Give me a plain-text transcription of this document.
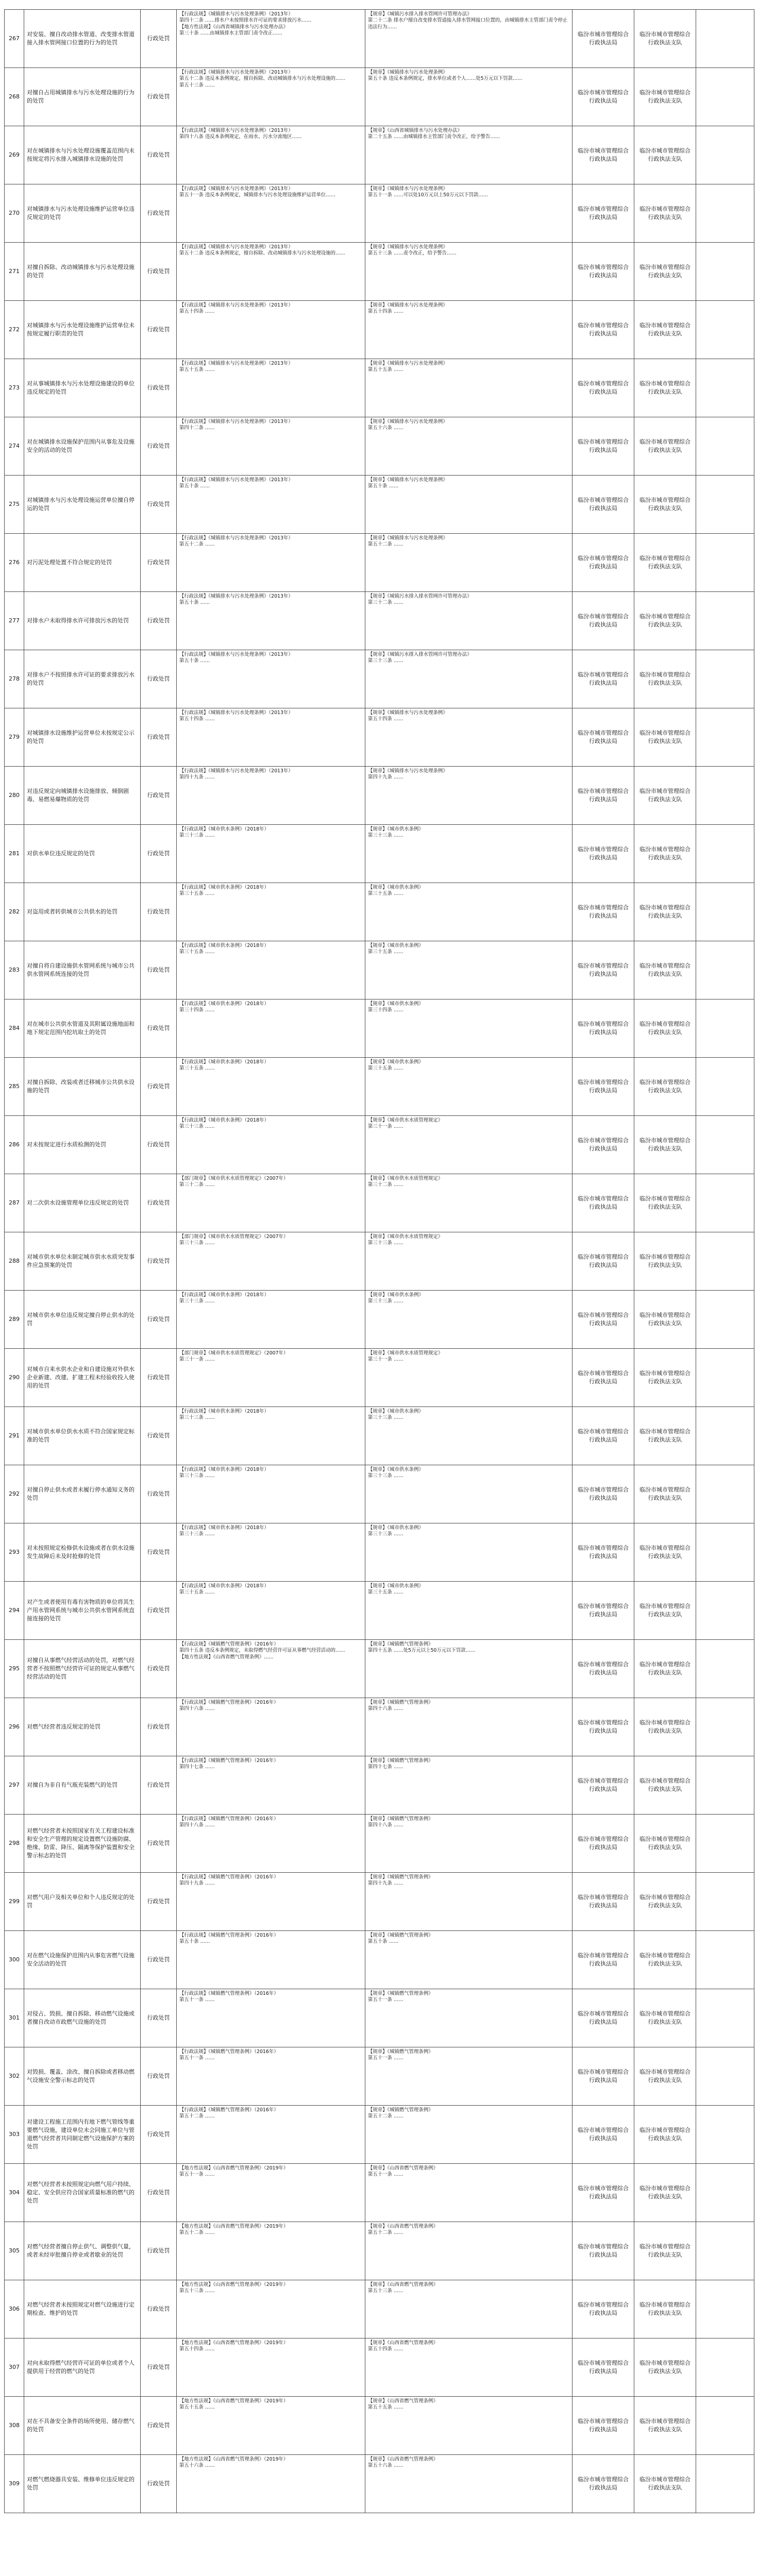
267	对安装、擅自改动排水管道、改变排水管道接入排水管网接口位置的行为的处罚	行政处罚	【行政法规】《城镇排水与污水处理条例》（2013年）
第四十二条 ……排水户未按照排水许可证的要求排放污水……
【地方性法规】《山西省城镇排水与污水处理办法》
第三十条 ……由城镇排水主管部门责令改正……	【规章】《城镇污水排入排水管网许可管理办法》
第二十二条 排水户擅自改变排水管道接入排水管网接口位置的，由城镇排水主管部门责令停止违法行为……	临汾市城市管理综合行政执法局	临汾市城市管理综合行政执法支队	
268	对擅自占用城镇排水与污水处理设施的行为的处罚	行政处罚	【行政法规】《城镇排水与污水处理条例》（2013年）
第五十二条 违反本条例规定，擅自拆除、改动城镇排水与污水处理设施的……
第五十三条 ……	【规章】《城镇排水与污水处理条例》
第五十条 违反本条例规定，排水单位或者个人……处5万元以下罚款……	临汾市城市管理综合行政执法局	临汾市城市管理综合行政执法支队	
269	对在城镇排水与污水处理设施覆盖范围内未按规定将污水排入城镇排水设施的处罚	行政处罚	【行政法规】《城镇排水与污水处理条例》（2013年）
第四十八条 违反本条例规定，在雨水、污水分流地区……	【规章】《山西省城镇排水与污水处理办法》
第二十五条 ……由城镇排水主管部门责令改正，给予警告……	临汾市城市管理综合行政执法局	临汾市城市管理综合行政执法支队	
270	对城镇排水与污水处理设施维护运营单位违反规定的处罚	行政处罚	【行政法规】《城镇排水与污水处理条例》（2013年）
第五十一条 违反本条例规定，城镇排水与污水处理设施维护运营单位……	【规章】《城镇排水与污水处理条例》
第五十一条 ……可以处10万元以上50万元以下罚款……	临汾市城市管理综合行政执法局	临汾市城市管理综合行政执法支队	
271	对擅自拆除、改动城镇排水与污水处理设施的处罚	行政处罚	【行政法规】《城镇排水与污水处理条例》（2013年）
第五十二条 违反本条例规定，擅自拆除、改动城镇排水与污水处理设施的……	【规章】《城镇排水与污水处理条例》
第五十三条 ……责令改正，给予警告……	临汾市城市管理综合行政执法局	临汾市城市管理综合行政执法支队	
272	对城镇排水与污水处理设施维护运营单位未按规定履行职责的处罚	行政处罚	【行政法规】《城镇排水与污水处理条例》（2013年）
第五十四条 ……	【规章】《城镇排水与污水处理条例》
第五十四条 ……	临汾市城市管理综合行政执法局	临汾市城市管理综合行政执法支队	
273	对从事城镇排水与污水处理设施建设的单位违反规定的处罚	行政处罚	【行政法规】《城镇排水与污水处理条例》（2013年）
第五十五条 ……	【规章】《城镇排水与污水处理条例》
第五十五条 ……	临汾市城市管理综合行政执法局	临汾市城市管理综合行政执法支队	
274	对在城镇排水设施保护范围内从事危及设施安全的活动的处罚	行政处罚	【行政法规】《城镇排水与污水处理条例》（2013年）
第四十二条 ……	【规章】《城镇排水与污水处理条例》
第五十六条 ……	临汾市城市管理综合行政执法局	临汾市城市管理综合行政执法支队	
275	对城镇排水与污水处理设施运营单位擅自停运的处罚	行政处罚	【行政法规】《城镇排水与污水处理条例》（2013年）
第五十条 ……	【规章】《城镇排水与污水处理条例》
第五十条 ……	临汾市城市管理综合行政执法局	临汾市城市管理综合行政执法支队	
276	对污泥处理处置不符合规定的处罚	行政处罚	【行政法规】《城镇排水与污水处理条例》（2013年）
第五十二条 ……	【规章】《城镇排水与污水处理条例》
第五十二条 ……	临汾市城市管理综合行政执法局	临汾市城市管理综合行政执法支队	
277	对排水户未取得排水许可排放污水的处罚	行政处罚	【行政法规】《城镇排水与污水处理条例》（2013年）
第五十条 ……	【规章】《城镇污水排入排水管网许可管理办法》
第三十二条 ……	临汾市城市管理综合行政执法局	临汾市城市管理综合行政执法支队	
278	对排水户不按照排水许可证的要求排放污水的处罚	行政处罚	【行政法规】《城镇排水与污水处理条例》（2013年）
第五十条 ……	【规章】《城镇污水排入排水管网许可管理办法》
第三十三条 ……	临汾市城市管理综合行政执法局	临汾市城市管理综合行政执法支队	
279	对城镇排水设施维护运营单位未按规定公示的处罚	行政处罚	【行政法规】《城镇排水与污水处理条例》（2013年）
第五十四条 ……	【规章】《城镇排水与污水处理条例》
第五十四条 ……	临汾市城市管理综合行政执法局	临汾市城市管理综合行政执法支队	
280	对违反规定向城镇排水设施排放、倾倒剧毒、易燃易爆物质的处罚	行政处罚	【行政法规】《城镇排水与污水处理条例》（2013年）
第四十九条 ……	【规章】《城镇排水与污水处理条例》
第四十九条 ……	临汾市城市管理综合行政执法局	临汾市城市管理综合行政执法支队	
281	对供水单位违反规定的处罚	行政处罚	【行政法规】《城市供水条例》（2018年）
第三十三条 ……	【规章】《城市供水条例》
第三十三条 ……	临汾市城市管理综合行政执法局	临汾市城市管理综合行政执法支队	
282	对盗用或者转供城市公共供水的处罚	行政处罚	【行政法规】《城市供水条例》（2018年）
第三十五条 ……	【规章】《城市供水条例》
第三十五条 ……	临汾市城市管理综合行政执法局	临汾市城市管理综合行政执法支队	
283	对擅自将自建设施供水管网系统与城市公共供水管网系统连接的处罚	行政处罚	【行政法规】《城市供水条例》（2018年）
第三十五条 ……	【规章】《城市供水条例》
第三十五条 ……	临汾市城市管理综合行政执法局	临汾市城市管理综合行政执法支队	
284	对在城市公共供水管道及其附属设施地面和地下规定范围内挖坑取土的处罚	行政处罚	【行政法规】《城市供水条例》（2018年）
第三十四条 ……	【规章】《城市供水条例》
第三十四条 ……	临汾市城市管理综合行政执法局	临汾市城市管理综合行政执法支队	
285	对擅自拆除、改装或者迁移城市公共供水设施的处罚	行政处罚	【行政法规】《城市供水条例》（2018年）
第三十五条 ……	【规章】《城市供水条例》
第三十五条 ……	临汾市城市管理综合行政执法局	临汾市城市管理综合行政执法支队	
286	对未按规定进行水质检测的处罚	行政处罚	【行政法规】《城市供水条例》（2018年）
第三十三条 ……	【规章】《城市供水水质管理规定》
第三十一条 ……	临汾市城市管理综合行政执法局	临汾市城市管理综合行政执法支队	
287	对二次供水设施管理单位违反规定的处罚	行政处罚	【部门规章】《城市供水水质管理规定》（2007年）
第三十二条 ……	【规章】《城市供水水质管理规定》
第三十二条 ……	临汾市城市管理综合行政执法局	临汾市城市管理综合行政执法支队	
288	对城市供水单位未制定城市供水水质突发事件应急预案的处罚	行政处罚	【部门规章】《城市供水水质管理规定》（2007年）
第三十三条 ……	【规章】《城市供水水质管理规定》
第三十三条 ……	临汾市城市管理综合行政执法局	临汾市城市管理综合行政执法支队	
289	对城市供水单位违反规定擅自停止供水的处罚	行政处罚	【行政法规】《城市供水条例》（2018年）
第三十三条 ……	【规章】《城市供水条例》
第三十三条 ……	临汾市城市管理综合行政执法局	临汾市城市管理综合行政执法支队	
290	对城市自来水供水企业和自建设施对外供水企业新建、改建、扩建工程未经验收投入使用的处罚	行政处罚	【部门规章】《城市供水水质管理规定》（2007年）
第三十一条 ……	【规章】《城市供水水质管理规定》
第三十一条 ……	临汾市城市管理综合行政执法局	临汾市城市管理综合行政执法支队	
291	对城市供水单位供水水质不符合国家规定标准的处罚	行政处罚	【行政法规】《城市供水条例》（2018年）
第三十三条 ……	【规章】《城市供水条例》
第三十三条 ……	临汾市城市管理综合行政执法局	临汾市城市管理综合行政执法支队	
292	对擅自停止供水或者未履行停水通知义务的处罚	行政处罚	【行政法规】《城市供水条例》（2018年）
第三十三条 ……	【规章】《城市供水条例》
第三十三条 ……	临汾市城市管理综合行政执法局	临汾市城市管理综合行政执法支队	
293	对未按照规定检修供水设施或者在供水设施发生故障后未及时抢修的处罚	行政处罚	【行政法规】《城市供水条例》（2018年）
第三十三条 ……	【规章】《城市供水条例》
第三十三条 ……	临汾市城市管理综合行政执法局	临汾市城市管理综合行政执法支队	
294	对产生或者使用有毒有害物质的单位将其生产用水管网系统与城市公共供水管网系统直接连接的处罚	行政处罚	【行政法规】《城市供水条例》（2018年）
第三十五条 ……	【规章】《城市供水条例》
第三十五条 ……	临汾市城市管理综合行政执法局	临汾市城市管理综合行政执法支队	
295	对擅自从事燃气经营活动的处罚，对燃气经营者不按照燃气经营许可证的规定从事燃气经营活动的处罚	行政处罚	【行政法规】《城镇燃气管理条例》（2016年）
第四十五条 违反本条例规定，未取得燃气经营许可证从事燃气经营活动的……
【地方性法规】《山西省燃气管理条例》……	【规章】《城镇燃气管理条例》
第四十五条 ……处5万元以上50万元以下罚款……	临汾市城市管理综合行政执法局	临汾市城市管理综合行政执法支队	
296	对燃气经营者违反规定的处罚	行政处罚	【行政法规】《城镇燃气管理条例》（2016年）
第四十六条 ……	【规章】《城镇燃气管理条例》
第四十六条 ……	临汾市城市管理综合行政执法局	临汾市城市管理综合行政执法支队	
297	对擅自为非自有气瓶充装燃气的处罚	行政处罚	【行政法规】《城镇燃气管理条例》（2016年）
第四十七条 ……	【规章】《城镇燃气管理条例》
第四十七条 ……	临汾市城市管理综合行政执法局	临汾市城市管理综合行政执法支队	
298	对燃气经营者未按照国家有关工程建设标准和安全生产管理的规定设置燃气设施防腐、绝缘、防雷、降压、隔离等保护装置和安全警示标志的处罚	行政处罚	【行政法规】《城镇燃气管理条例》（2016年）
第四十八条 ……	【规章】《城镇燃气管理条例》
第四十八条 ……	临汾市城市管理综合行政执法局	临汾市城市管理综合行政执法支队	
299	对燃气用户及相关单位和个人违反规定的处罚	行政处罚	【行政法规】《城镇燃气管理条例》（2016年）
第四十九条 ……	【规章】《城镇燃气管理条例》
第四十九条 ……	临汾市城市管理综合行政执法局	临汾市城市管理综合行政执法支队	
300	对在燃气设施保护范围内从事危害燃气设施安全活动的处罚	行政处罚	【行政法规】《城镇燃气管理条例》（2016年）
第五十条 ……	【规章】《城镇燃气管理条例》
第五十条 ……	临汾市城市管理综合行政执法局	临汾市城市管理综合行政执法支队	
301	对侵占、毁损、擅自拆除、移动燃气设施或者擅自改动市政燃气设施的处罚	行政处罚	【行政法规】《城镇燃气管理条例》（2016年）
第五十一条 ……	【规章】《城镇燃气管理条例》
第五十一条 ……	临汾市城市管理综合行政执法局	临汾市城市管理综合行政执法支队	
302	对毁损、覆盖、涂改、擅自拆除或者移动燃气设施安全警示标志的处罚	行政处罚	【行政法规】《城镇燃气管理条例》（2016年）
第五十一条 ……	【规章】《城镇燃气管理条例》
第五十一条 ……	临汾市城市管理综合行政执法局	临汾市城市管理综合行政执法支队	
303	对建设工程施工范围内有地下燃气管线等重要燃气设施，建设单位未会同施工单位与管道燃气经营者共同制定燃气设施保护方案的处罚	行政处罚	【行政法规】《城镇燃气管理条例》（2016年）
第五十二条 ……	【规章】《城镇燃气管理条例》
第五十二条 ……	临汾市城市管理综合行政执法局	临汾市城市管理综合行政执法支队	
304	对燃气经营者未按照规定向燃气用户持续、稳定、安全供应符合国家质量标准的燃气的处罚	行政处罚	【地方性法规】《山西省燃气管理条例》（2019年）
第五十一条 ……	【规章】《山西省燃气管理条例》
第五十一条 ……	临汾市城市管理综合行政执法局	临汾市城市管理综合行政执法支队	
305	对燃气经营者擅自停止供气、调整供气量，或者未经审批擅自停业或者歇业的处罚	行政处罚	【地方性法规】《山西省燃气管理条例》（2019年）
第五十二条 ……	【规章】《山西省燃气管理条例》
第五十二条 ……	临汾市城市管理综合行政执法局	临汾市城市管理综合行政执法支队	
306	对燃气经营者未按照规定对燃气设施进行定期检查、维护的处罚	行政处罚	【地方性法规】《山西省燃气管理条例》（2019年）
第五十三条 ……	【规章】《山西省燃气管理条例》
第五十三条 ……	临汾市城市管理综合行政执法局	临汾市城市管理综合行政执法支队	
307	对向未取得燃气经营许可证的单位或者个人提供用于经营的燃气的处罚	行政处罚	【地方性法规】《山西省燃气管理条例》（2019年）
第五十四条 ……	【规章】《山西省燃气管理条例》
第五十四条 ……	临汾市城市管理综合行政执法局	临汾市城市管理综合行政执法支队	
308	对在不具备安全条件的场所使用、储存燃气的处罚	行政处罚	【地方性法规】《山西省燃气管理条例》（2019年）
第五十五条 ……	【规章】《山西省燃气管理条例》
第五十五条 ……	临汾市城市管理综合行政执法局	临汾市城市管理综合行政执法支队	
309	对燃气燃烧器具安装、维修单位违反规定的处罚	行政处罚	【地方性法规】《山西省燃气管理条例》（2019年）
第五十六条 ……	【规章】《山西省燃气管理条例》
第五十六条 ……	临汾市城市管理综合行政执法局	临汾市城市管理综合行政执法支队	
